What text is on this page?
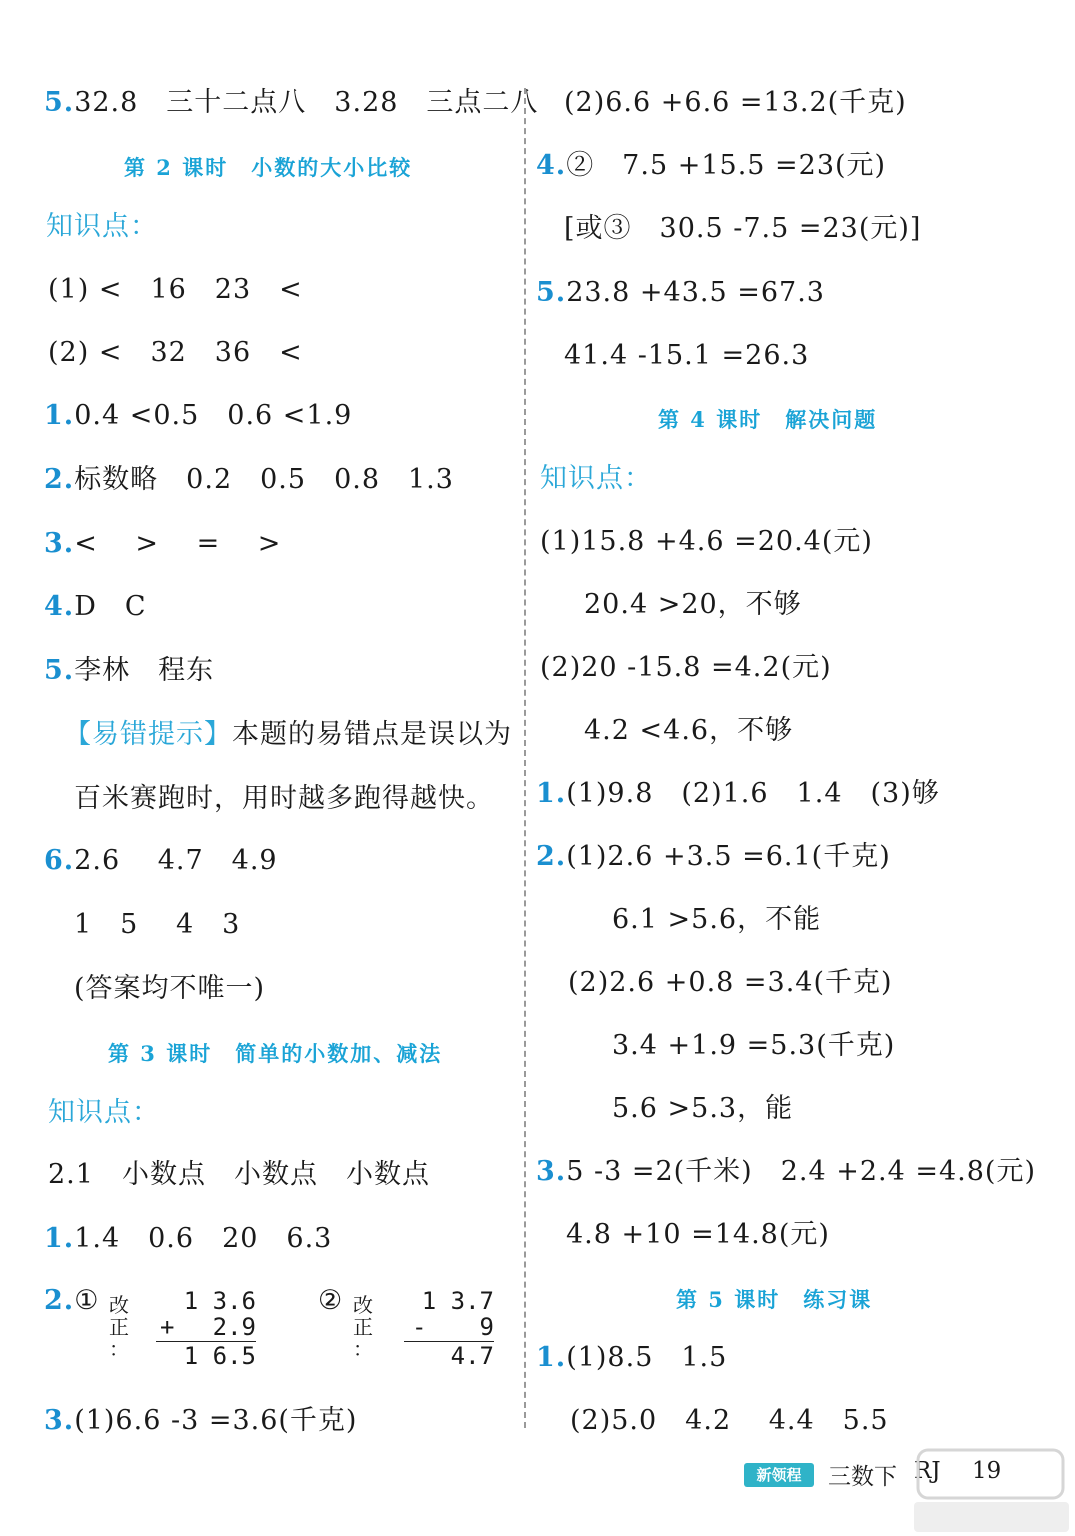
5.32.8　三十二点八　3.28　三点二八
第 2 课时　小数的大小比较
知识点：
(1) <　16　23　<
(2) <　32　36　<
1.0.4 <0.5　0.6 <1.9
2.标数略　0.2　0.5　0.8　1.3
3.<　 >　 =　 >
4.D　C
5.李林　程东
【易错提示】本题的易错点是误以为
百米赛跑时，用时越多跑得越快。
6.2.6　 4.7　4.9
1　5　 4　3
(答案均不唯一)
第 3 课时　简单的小数加、减法
知识点：
2.1　小数点　小数点　小数点
1.1.4　0.6　20　6.3
2.① 改
正
：
1 3.6
+	2.9
1 6.5
② 改
正
：
1 3.7
-	9
4.7
3.(1)6.6 -3 =3.6(千克)
(2)6.6 +6.6 =13.2(千克)
4.②　7.5 +15.5 =23(元)
[或③　30.5 -7.5 =23(元)]
5.23.8 +43.5 =67.3
41.4 -15.1 =26.3
第 4 课时　解决问题
知识点：
(1)15.8 +4.6 =20.4(元)
20.4 >20，不够
(2)20 -15.8 =4.2(元)
4.2 <4.6，不够
1.(1)9.8　(2)1.6　1.4　(3)够
2.(1)2.6 +3.5 =6.1(千克)
6.1 >5.6，不能
(2)2.6 +0.8 =3.4(千克)
3.4 +1.9 =5.3(千克)
5.6 >5.3，能
3.5 -3 =2(千米)　2.4 +2.4 =4.8(元)
4.8 +10 =14.8(元)
第 5 课时　练习课
1.(1)8.5　1.5
(2)5.0　4.2　 4.4　5.5
新领程	三数下 RJ 19
